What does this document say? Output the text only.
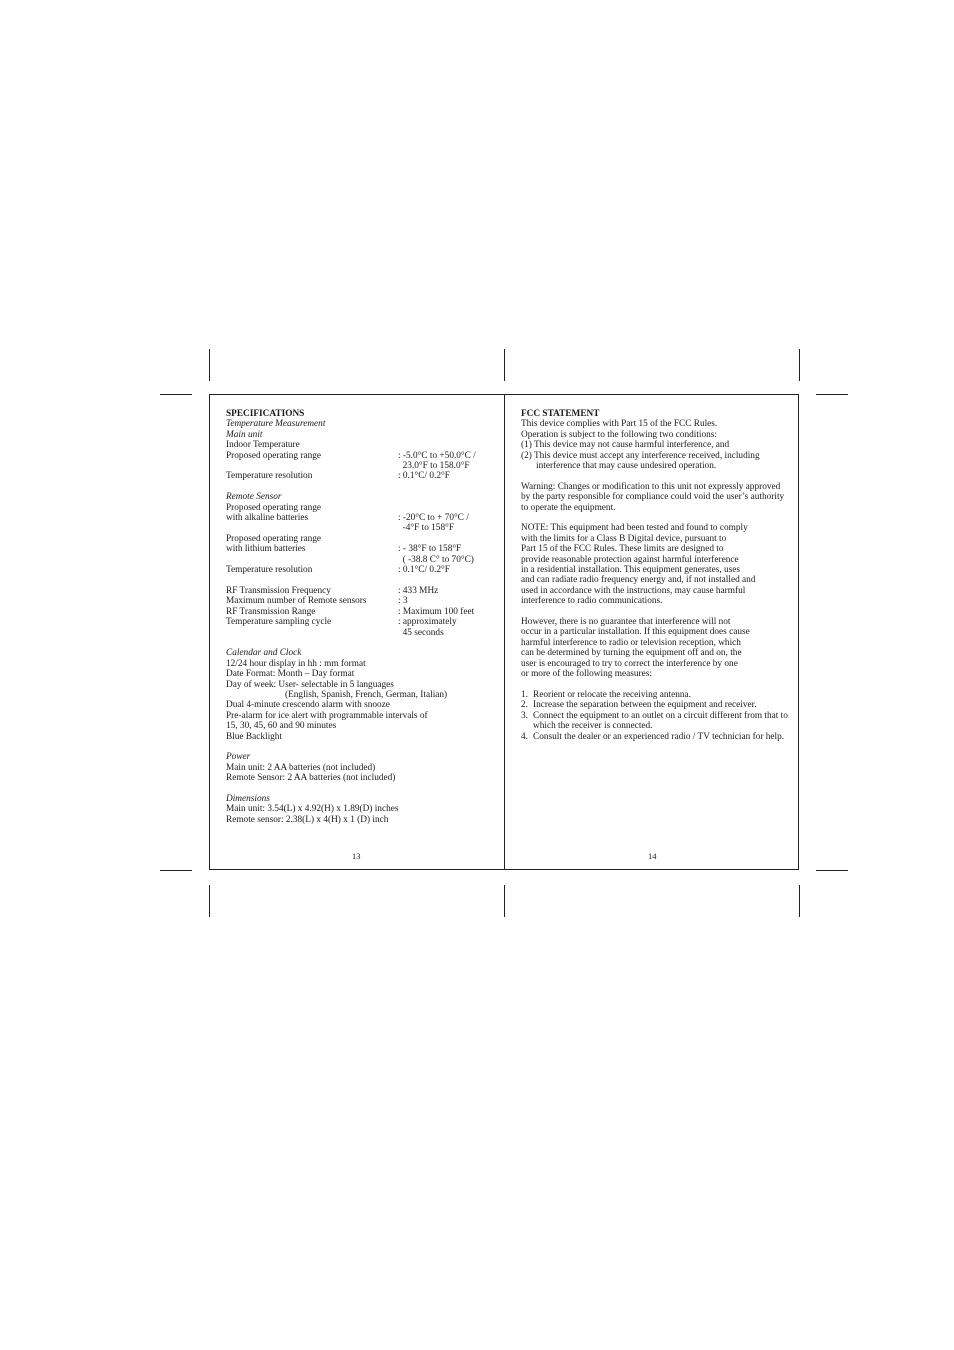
SPECIFICATIONS

Temperature Measurement

Main unit

Indoor Temperature

Proposed operating range	: -5.0°C to +50.0°C /
23.0°F to 158.0°F
Temperature resolution	: 0.1°C/ 0.2°F

Remote Sensor

Proposed operating range
with alkaline batteries	: -20°C to + 70°C /
-4°F to 158°F
Proposed operating range
with lithium batteries	: - 38°F to 158°F
( -38.8 C° to 70°C)
Temperature resolution	: 0.1°C/ 0.2°F
RF Transmission Frequency	: 433 MHz
Maximum number of Remote sensors	: 3
RF Transmission Range	: Maximum 100 feet
Temperature sampling cycle	: approximately
45 seconds

Calendar and Clock

12/24 hour display in hh : mm format

Date Format: Month – Day format

Day of week: User- selectable in 5 languages

(English, Spanish, French, German, Italian)

Dual 4-minute crescendo alarm with snooze

Pre-alarm for ice alert with programmable intervals of

15, 30, 45, 60 and 90 minutes

Blue Backlight

Power

Main unit: 2 AA batteries (not included)

Remote Sensor: 2 AA batteries (not included)

Dimensions

Main unit: 3.54(L) x 4.92(H) x 1.89(D) inches

Remote sensor: 2.38(L) x 4(H) x 1 (D) inch

13

FCC STATEMENT

This device complies with Part 15 of the FCC Rules.

Operation is subject to the following two conditions:

(1) This device may not cause harmful interference, and

(2) This device must accept any interference received, including interference that may cause undesired operation.

Warning: Changes or modification to this unit not expressly approved by the party responsible for compliance could void the user’s authority to operate the equipment.

NOTE: This equipment had been tested and found to comply

with the limits for a Class B Digital device, pursuant to

Part 15 of the FCC Rules. These limits are designed to

provide reasonable protection against harmful interference

in a residential installation. This equipment generates, uses

and can radiate radio frequency energy and, if not installed and

used in accordance with the instructions, may cause harmful

interference to radio communications.

However, there is no guarantee that interference will not

occur in a particular installation. If this equipment does cause

harmful interference to radio or television reception, which

can be determined by turning the equipment off and on, the

user is encouraged to try to correct the interference by one

or more of the following measures:

1. Reorient or relocate the receiving antenna.
2. Increase the separation between the equipment and receiver.
3. Connect the equipment to an outlet on a circuit different from that to which the receiver is connected.
4. Consult the dealer or an experienced radio / TV technician for help.
14
